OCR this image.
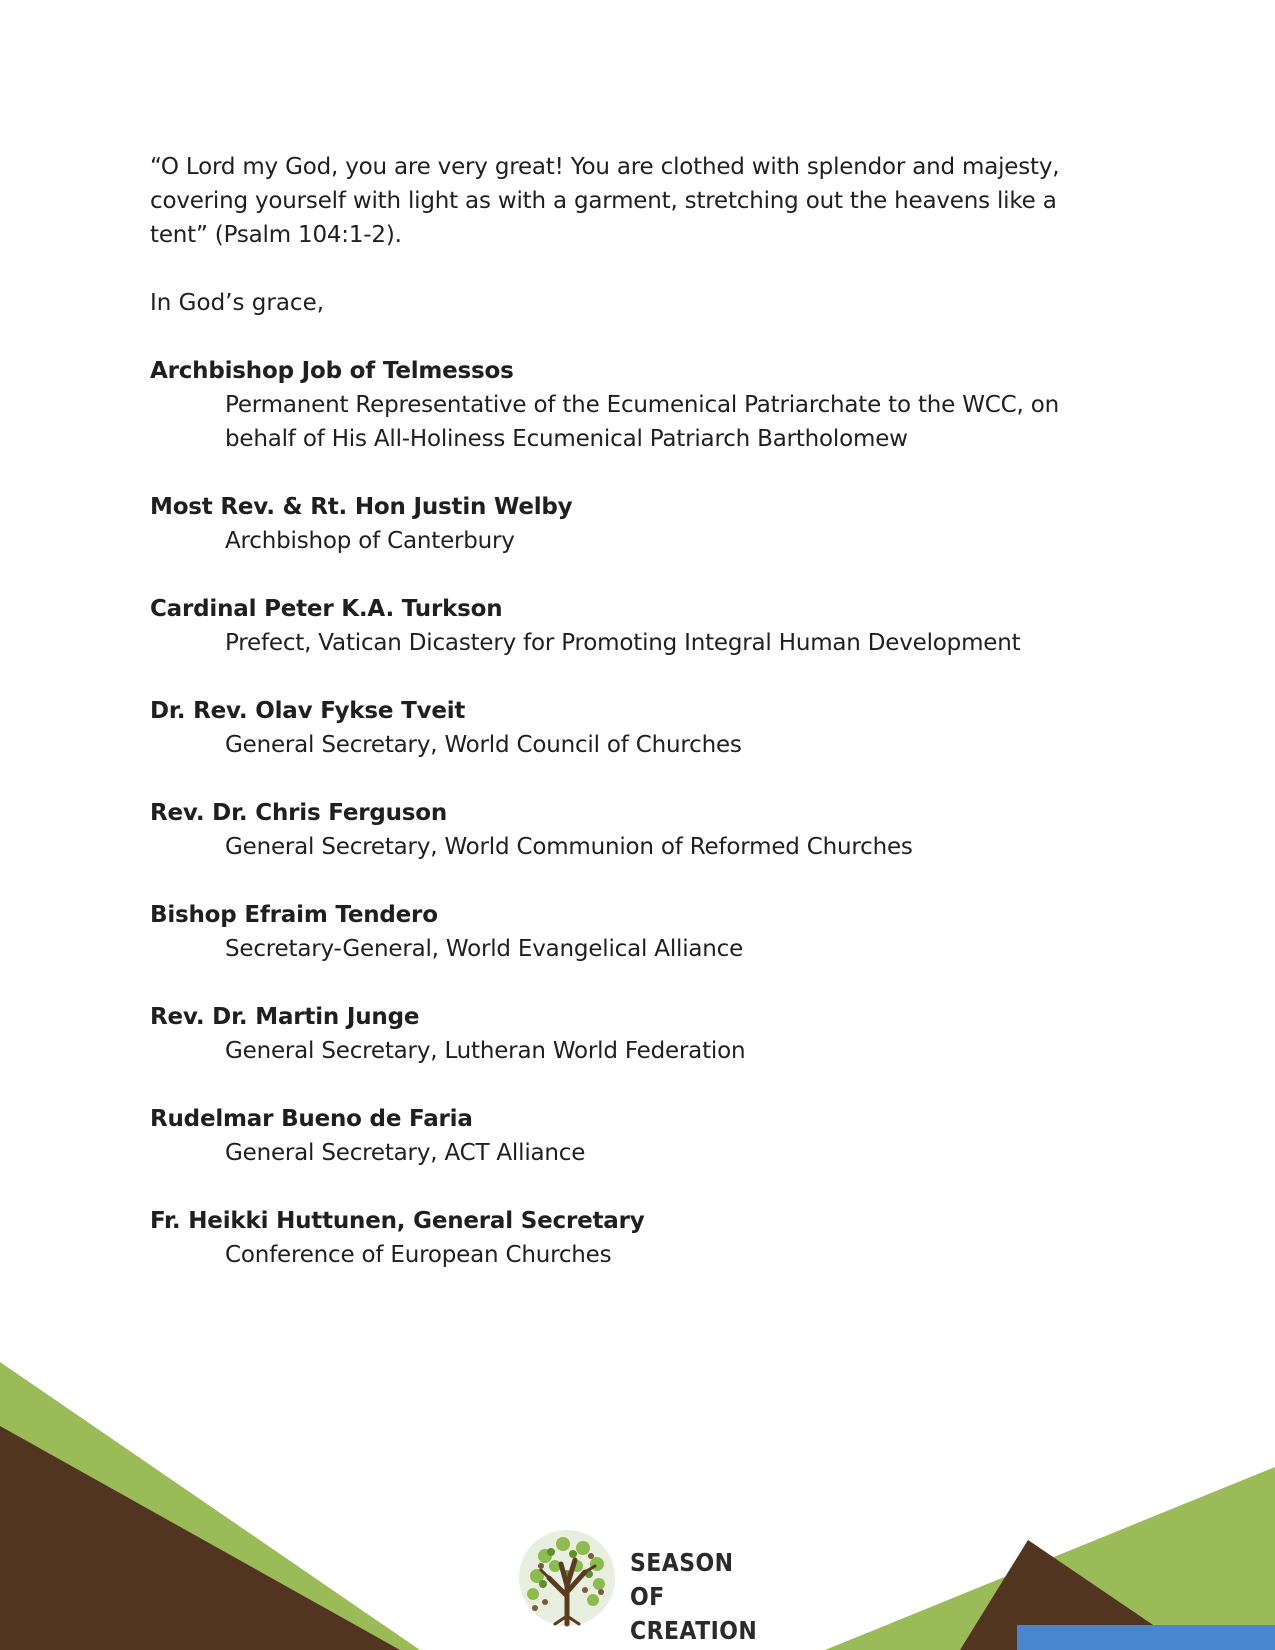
“O Lord my God, you are very great! You are clothed with splendor and majesty, covering yourself with light as with a garment, stretching out the heavens like a tent” (Psalm 104:1-2).

In God’s grace,

Archbishop Job of Telmessos
Permanent Representative of the Ecumenical Patriarchate to the WCC, on behalf of His All-Holiness Ecumenical Patriarch Bartholomew
Most Rev. & Rt. Hon Justin Welby
Archbishop of Canterbury
Cardinal Peter K.A. Turkson
Prefect, Vatican Dicastery for Promoting Integral Human Development
Dr. Rev. Olav Fykse Tveit
General Secretary, World Council of Churches
Rev. Dr. Chris Ferguson
General Secretary, World Communion of Reformed Churches
Bishop Efraim Tendero
Secretary-General, World Evangelical Alliance
Rev. Dr. Martin Junge
General Secretary, Lutheran World Federation
Rudelmar Bueno de Faria
General Secretary, ACT Alliance
Fr. Heikki Huttunen, General Secretary
Conference of European Churches
SEASON OF
CREATION
